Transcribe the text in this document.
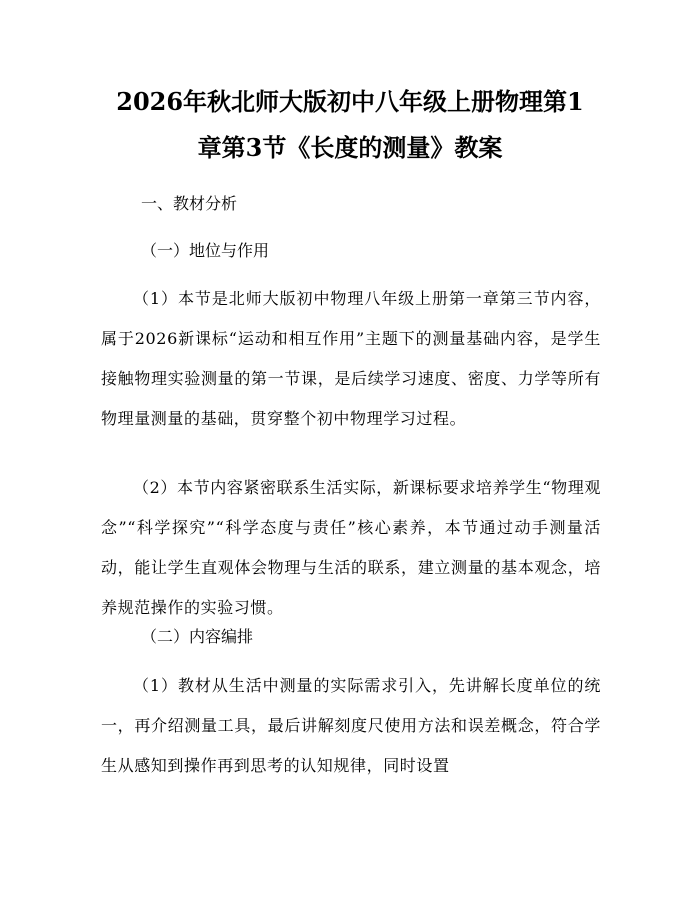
2026年秋北师大版初中八年级上册物理第1
章第3节《长度的测量》教案

一、教材分析

（一）地位与作用

（1）本节是北师大版初中物理八年级上册第一章第三节内容，属于2026新课标“运动和相互作用”主题下的测量基础内容，是学生接触物理实验测量的第一节课，是后续学习速度、密度、力学等所有物理量测量的基础，贯穿整个初中物理学习过程。

（2）本节内容紧密联系生活实际，新课标要求培养学生“物理观念”“科学探究”“科学态度与责任”核心素养，本节通过动手测量活动，能让学生直观体会物理与生活的联系，建立测量的基本观念，培养规范操作的实验习惯。

（二）内容编排

（1）教材从生活中测量的实际需求引入，先讲解长度单位的统一，再介绍测量工具，最后讲解刻度尺使用方法和误差概念，符合学生从感知到操作再到思考的认知规律，同时设置
